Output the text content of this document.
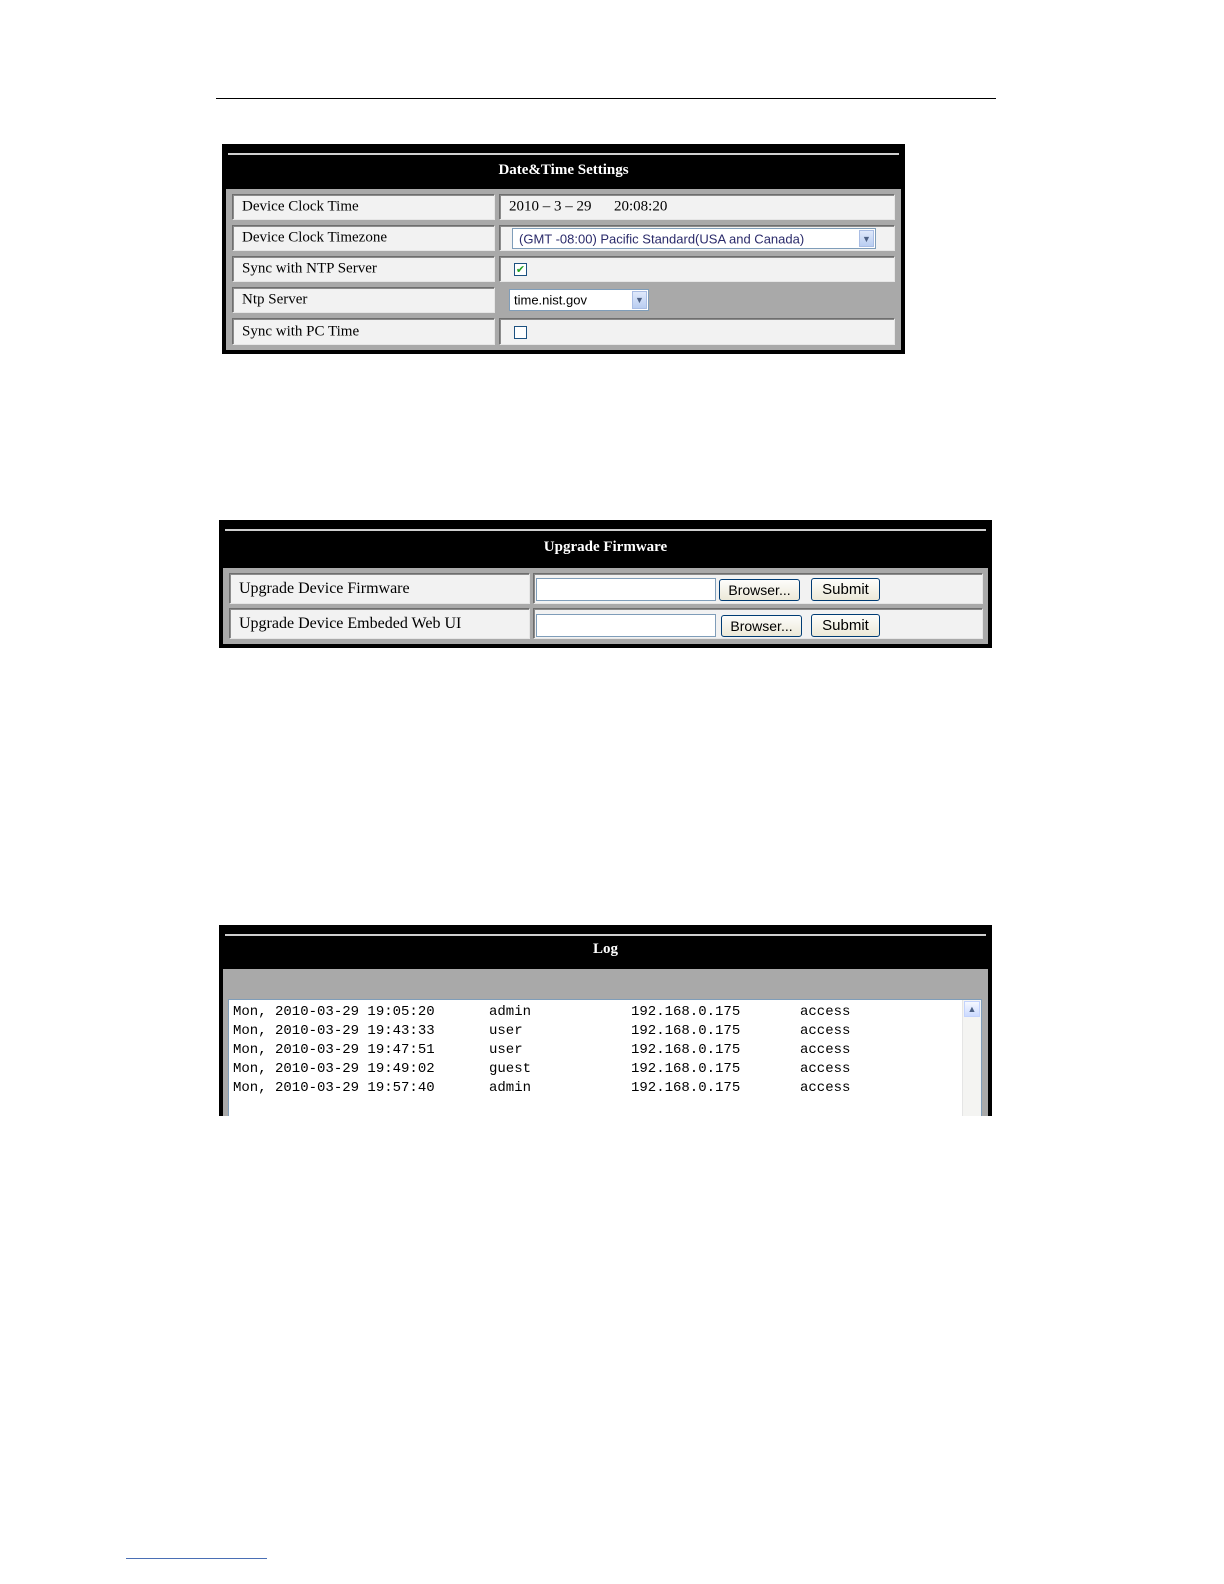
Date&Time Settings
Device Clock Time	2010 – 3 – 29      20:08:20
Device Clock Timezone	(GMT -08:00) Pacific Standard(USA and Canada)	▼
Sync with NTP Server	✔
Ntp Server	time.nist.gov	▼
Sync with PC Time
Upgrade Firmware
Upgrade Device Firmware	Browser...	Submit
Upgrade Device Embeded Web UI	Browser...	Submit
Log
Mon, 2010-03-29 19:05:20	admin	192.168.0.175	access
Mon, 2010-03-29 19:43:33	user	192.168.0.175	access
Mon, 2010-03-29 19:47:51	user	192.168.0.175	access
Mon, 2010-03-29 19:49:02	guest	192.168.0.175	access
Mon, 2010-03-29 19:57:40	admin	192.168.0.175	access
▲
